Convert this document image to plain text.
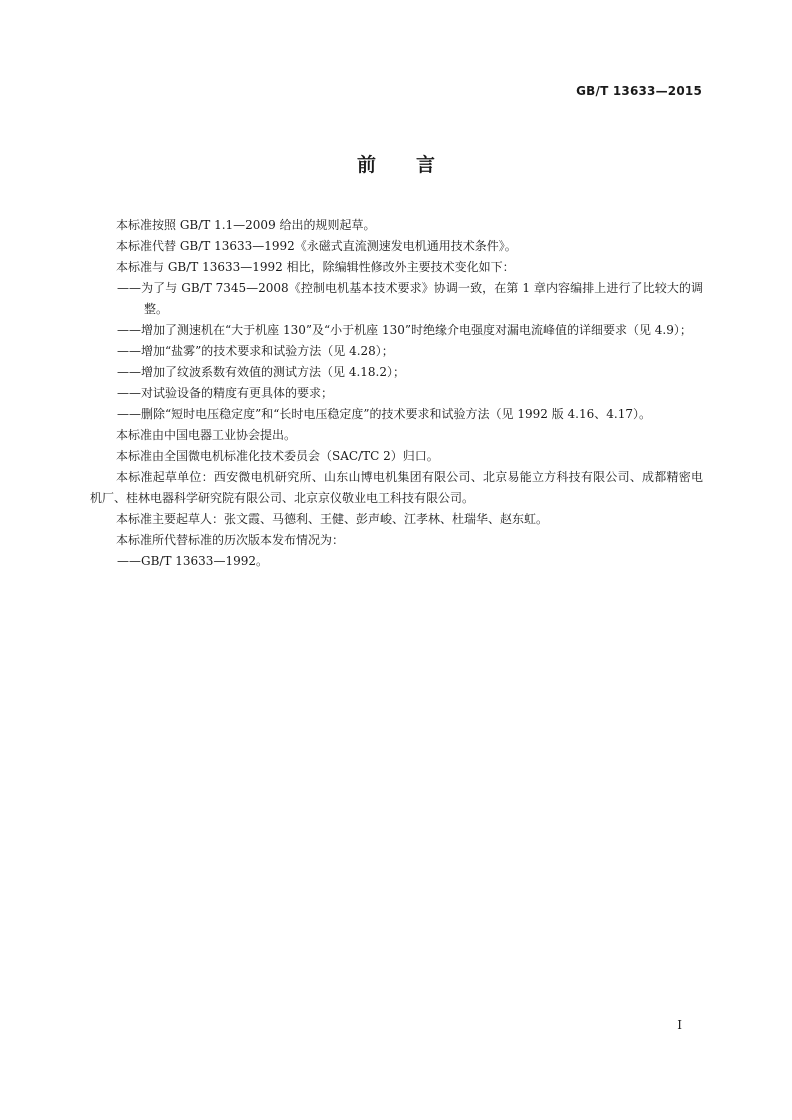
GB/T 13633—2015
前言

本标准按照 GB/T 1.1—2009 给出的规则起草。

本标准代替 GB/T 13633—1992《永磁式直流测速发电机通用技术条件》。

本标准与 GB/T 13633—1992 相比，除编辑性修改外主要技术变化如下：

——为了与 GB/T 7345—2008《控制电机基本技术要求》协调一致，在第 1 章内容编排上进行了比较大的调整。

——增加了测速机在“大于机座 130”及“小于机座 130”时绝缘介电强度对漏电流峰值的详细要求（见 4.9）；

——增加“盐雾”的技术要求和试验方法（见 4.28）；

——增加了纹波系数有效值的测试方法（见 4.18.2）；

——对试验设备的精度有更具体的要求；

——删除“短时电压稳定度”和“长时电压稳定度”的技术要求和试验方法（见 1992 版 4.16、4.17）。

本标准由中国电器工业协会提出。

本标准由全国微电机标准化技术委员会（SAC/TC 2）归口。

本标准起草单位：西安微电机研究所、山东山博电机集团有限公司、北京易能立方科技有限公司、成都精密电机厂、桂林电器科学研究院有限公司、北京京仪敬业电工科技有限公司。

本标准主要起草人：张文霞、马德利、王健、彭声峻、江孝林、杜瑞华、赵东虹。

本标准所代替标准的历次版本发布情况为：

——GB/T 13633—1992。

I
